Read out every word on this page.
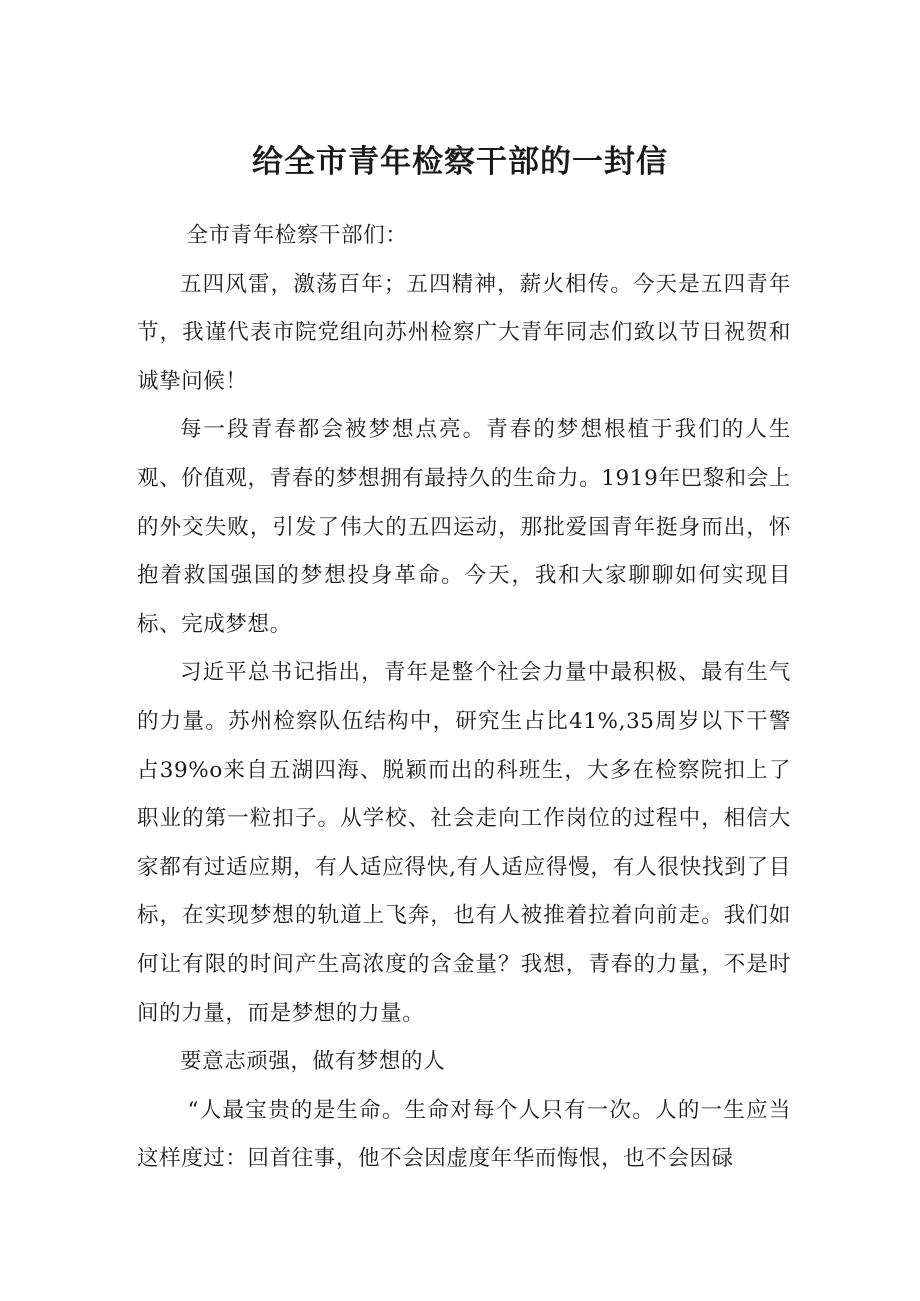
给全市青年检察干部的一封信

全市青年检察干部们：

五四风雷，激荡百年；五四精神，薪火相传。今天是五四青年节，我谨代表市院党组向苏州检察广大青年同志们致以节日祝贺和诚挚问候！

每一段青春都会被梦想点亮。青春的梦想根植于我们的人生观、价值观，青春的梦想拥有最持久的生命力。1919年巴黎和会上的外交失败，引发了伟大的五四运动，那批爱国青年挺身而出，怀抱着救国强国的梦想投身革命。今天，我和大家聊聊如何实现目标、完成梦想。

习近平总书记指出，青年是整个社会力量中最积极、最有生气的力量。苏州检察队伍结构中，研究生占比41%,35周岁以下干警占39%o来自五湖四海、脱颖而出的科班生，大多在检察院扣上了职业的第一粒扣子。从学校、社会走向工作岗位的过程中，相信大家都有过适应期，有人适应得快,有人适应得慢，有人很快找到了目标，在实现梦想的轨道上飞奔，也有人被推着拉着向前走。我们如何让有限的时间产生高浓度的含金量？我想，青春的力量，不是时间的力量，而是梦想的力量。

要意志顽强，做有梦想的人

“人最宝贵的是生命。生命对每个人只有一次。人的一生应当这样度过：回首往事，他不会因虚度年华而悔恨，也不会因碌
